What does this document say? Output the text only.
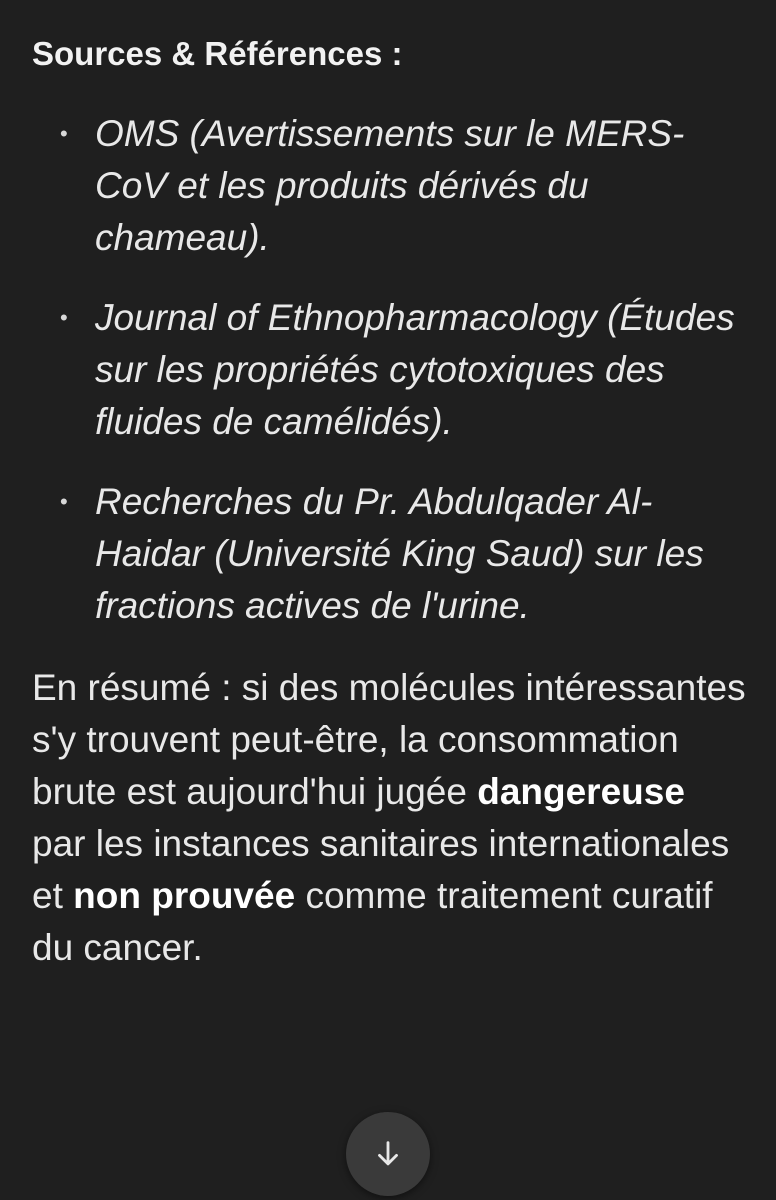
Sources & Références :

• OMS (Avertissements sur le MERS-CoV et les produits dérivés du chameau).
• Journal of Ethnopharmacology (Études sur les propriétés cytotoxiques des fluides de camélidés).
• Recherches du Pr. Abdulqader Al-Haidar (Université King Saud) sur les fractions actives de l'urine.

En résumé : si des molécules intéressantes s'y trouvent peut-être, la consommation brute est aujourd'hui jugée dangereuse par les instances sanitaires internationales et non prouvée comme traitement curatif du cancer.
